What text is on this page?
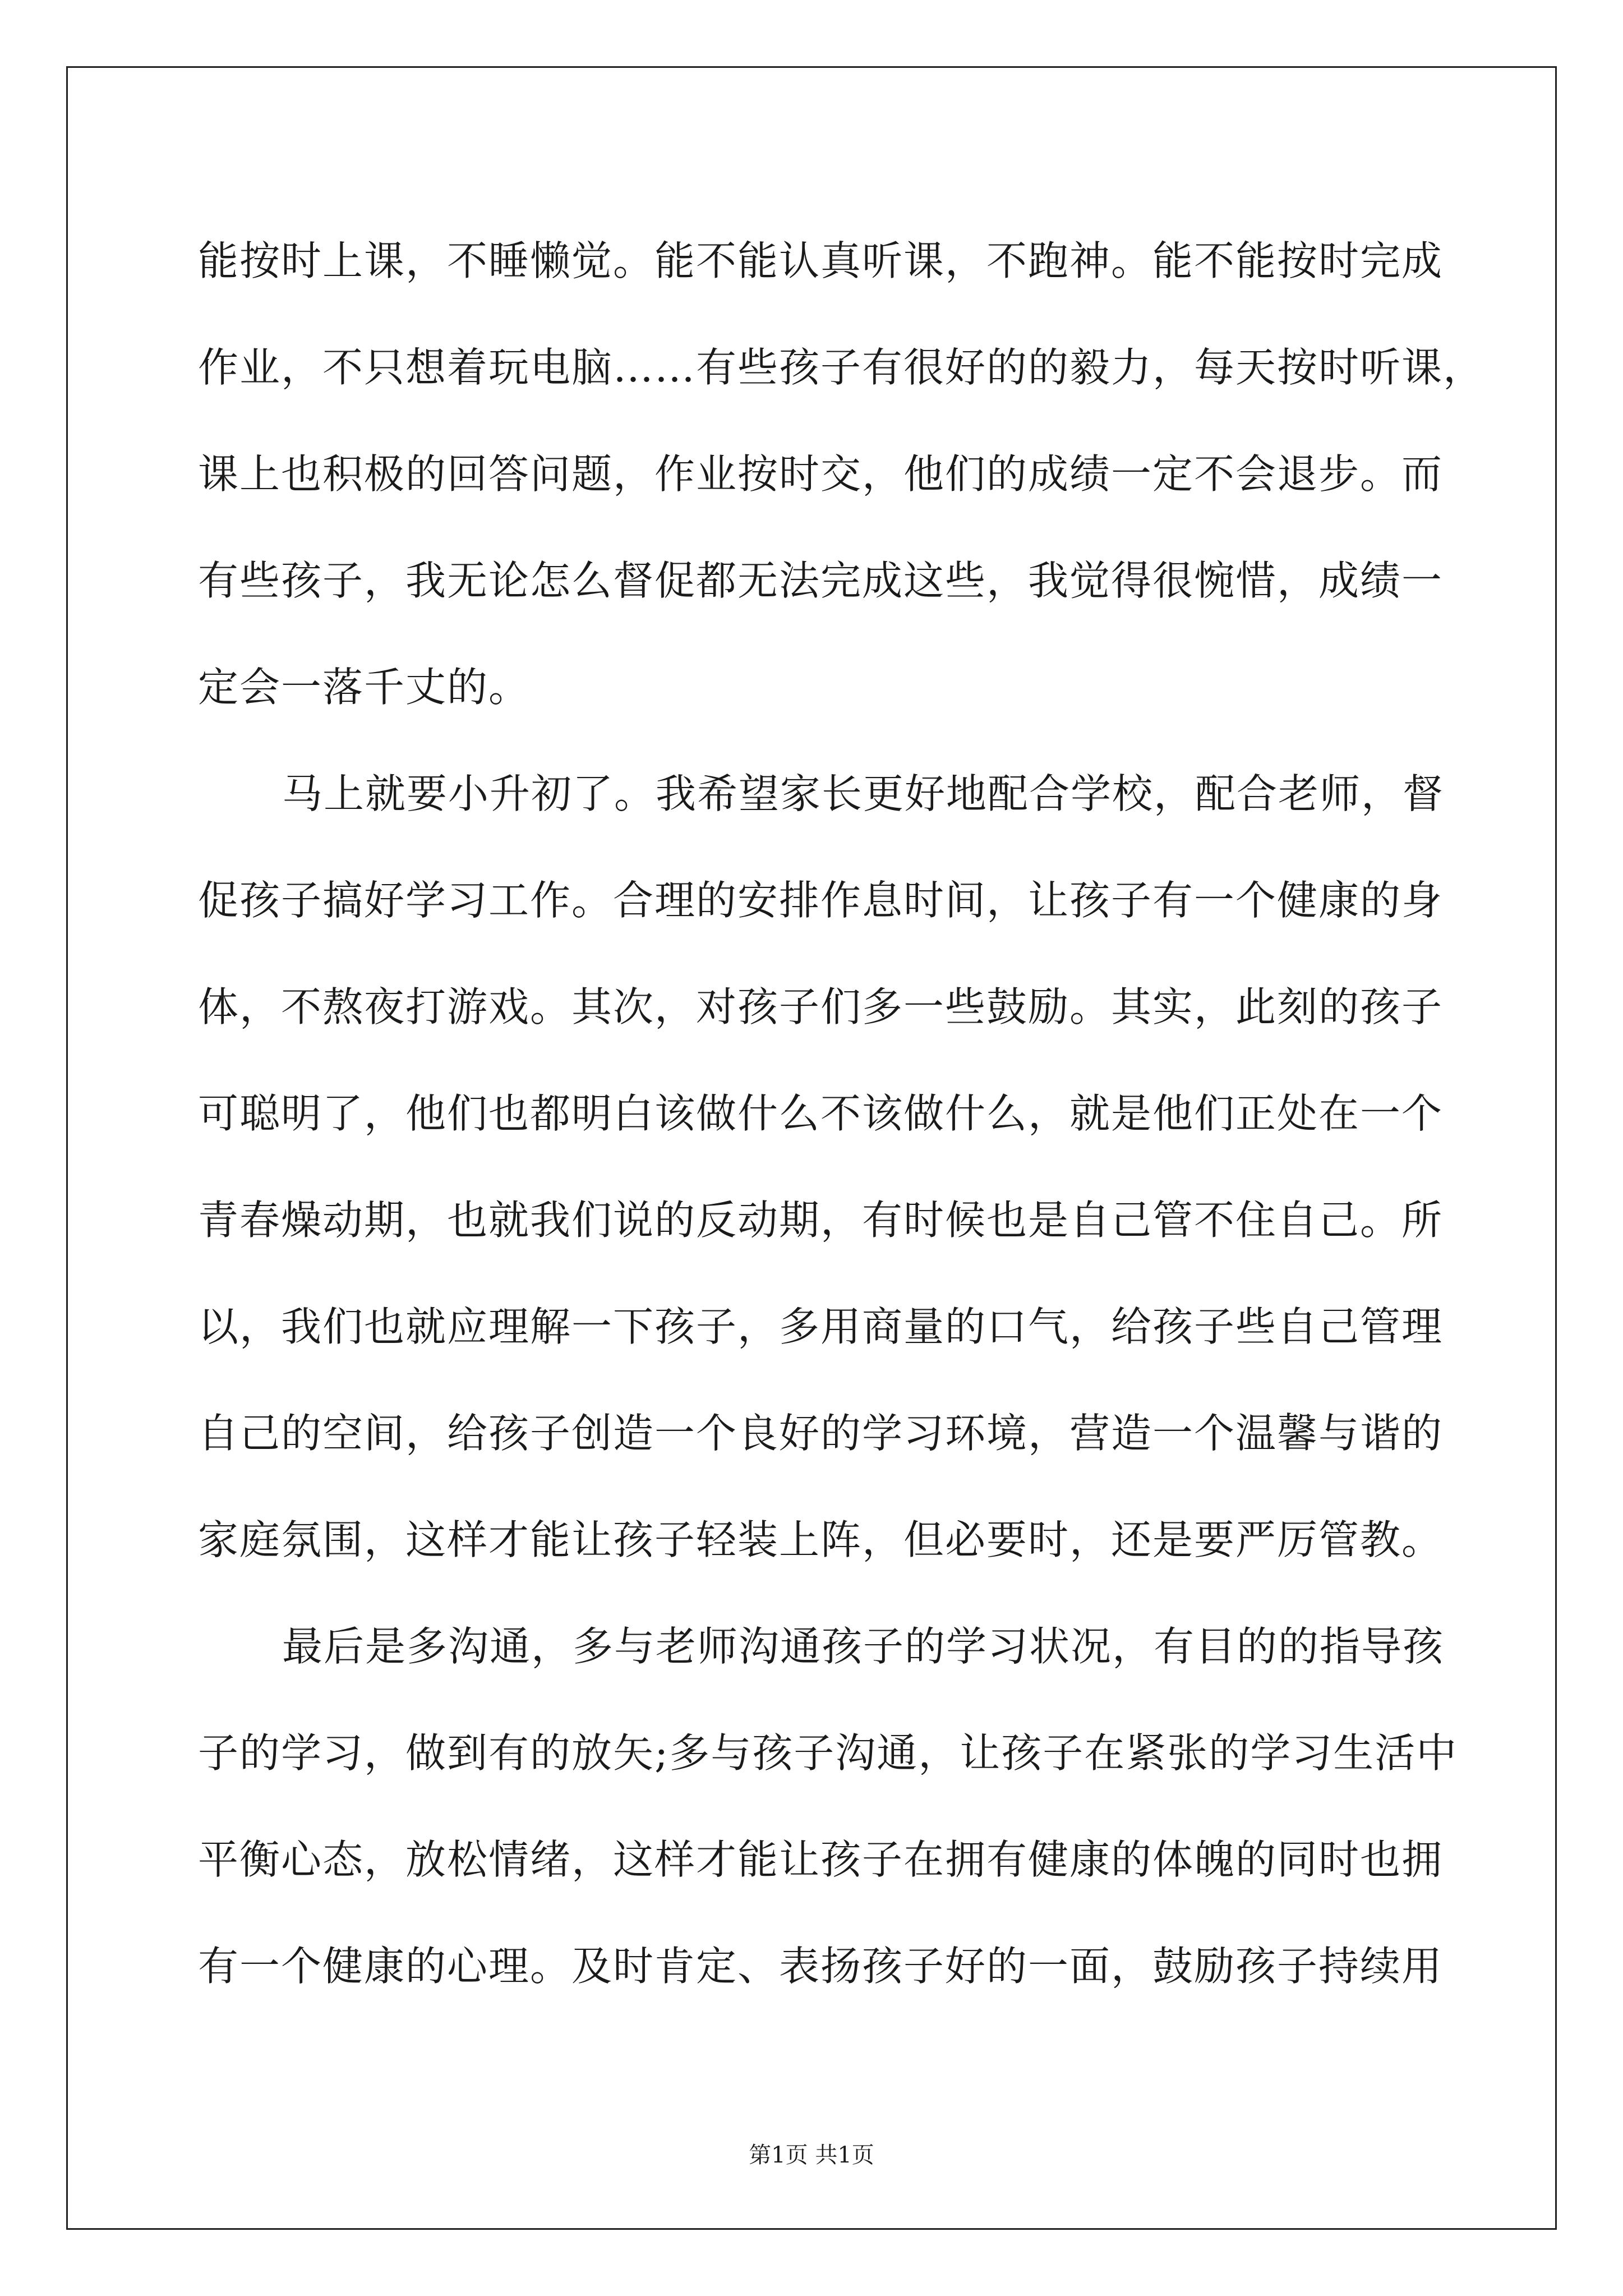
能按时上课，不睡懒觉。能不能认真听课，不跑神。能不能按时完成
作业，不只想着玩电脑……有些孩子有很好的的毅力，每天按时听课，
课上也积极的回答问题，作业按时交，他们的成绩一定不会退步。而
有些孩子，我无论怎么督促都无法完成这些，我觉得很惋惜，成绩一
定会一落千丈的。
马上就要小升初了。我希望家长更好地配合学校，配合老师，督
促孩子搞好学习工作。合理的安排作息时间，让孩子有一个健康的身
体，不熬夜打游戏。其次，对孩子们多一些鼓励。其实，此刻的孩子
可聪明了，他们也都明白该做什么不该做什么，就是他们正处在一个
青春燥动期，也就我们说的反动期，有时候也是自己管不住自己。所
以，我们也就应理解一下孩子，多用商量的口气，给孩子些自己管理
自己的空间，给孩子创造一个良好的学习环境，营造一个温馨与谐的
家庭氛围，这样才能让孩子轻装上阵，但必要时，还是要严厉管教。
最后是多沟通，多与老师沟通孩子的学习状况，有目的的指导孩
子的学习，做到有的放矢;多与孩子沟通，让孩子在紧张的学习生活中
平衡心态，放松情绪，这样才能让孩子在拥有健康的体魄的同时也拥
有一个健康的心理。及时肯定、表扬孩子好的一面，鼓励孩子持续用
第1页 共1页
